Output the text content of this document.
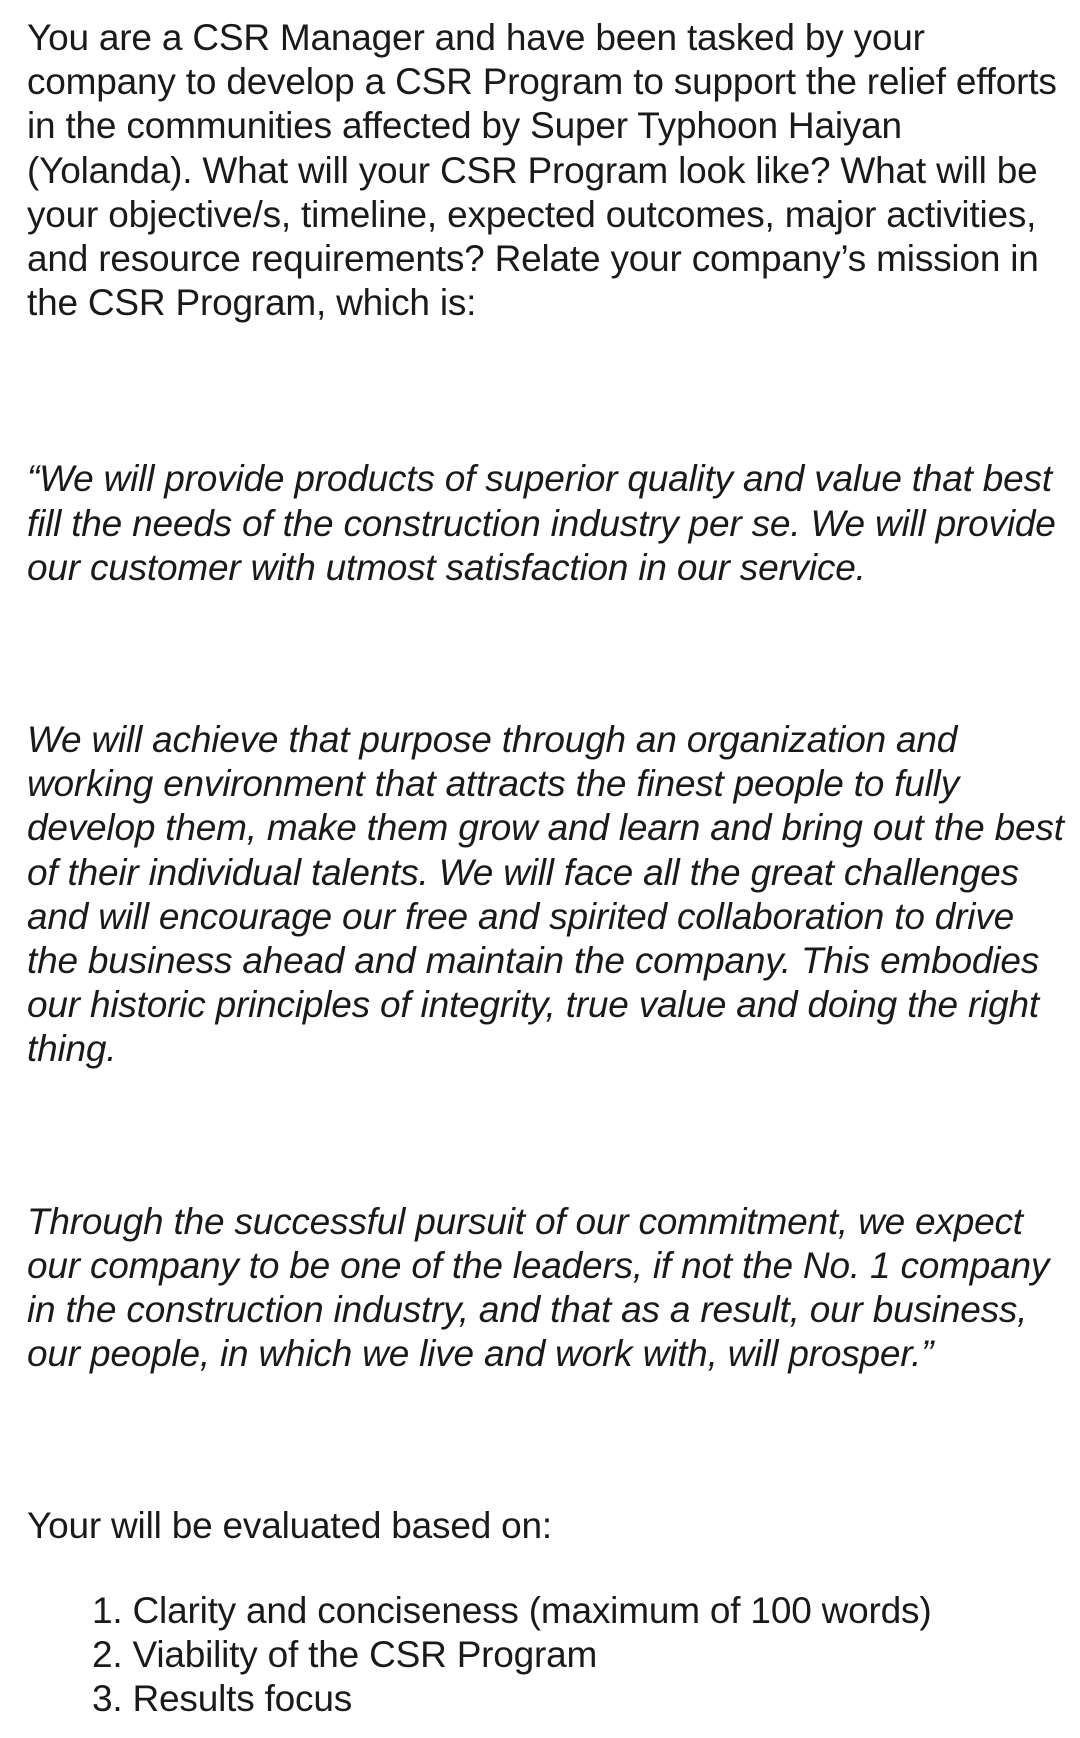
You are a CSR Manager and have been tasked by your company to develop a CSR Program to support the relief efforts in the communities affected by Super Typhoon Haiyan (Yolanda). What will your CSR Program look like? What will be your objective/s, timeline, expected outcomes, major activities, and resource requirements? Relate your company’s mission in the CSR Program, which is:

“We will provide products of superior quality and value that best fill the needs of the construction industry per se. We will provide our customer with utmost satisfaction in our service.

We will achieve that purpose through an organization and working environment that attracts the finest people to fully develop them, make them grow and learn and bring out the best of their individual talents. We will face all the great challenges and will encourage our free and spirited collaboration to drive the business ahead and maintain the company. This embodies our historic principles of integrity, true value and doing the right thing.

Through the successful pursuit of our commitment, we expect our company to be one of the leaders, if not the No. 1 company in the construction industry, and that as a result, our business, our people, in which we live and work with, will prosper.”

Your will be evaluated based on:

1. Clarity and conciseness (maximum of 100 words)
2. Viability of the CSR Program
3. Results focus
